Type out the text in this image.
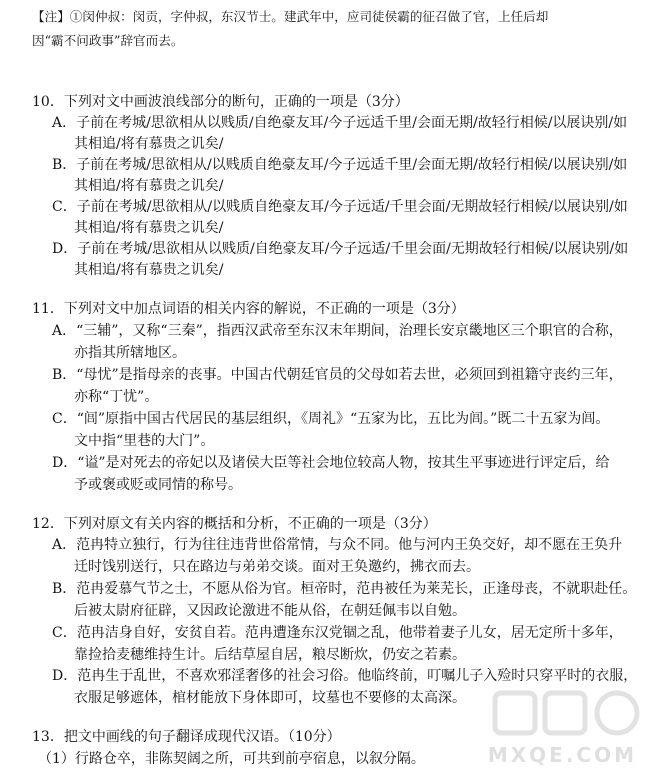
【注】①闵仲叔：闵贡，字仲叔，东汉节士。建武年中，应司徒侯霸的征召做了官，上任后却
因“霸不问政事”辞官而去。
10．下列对文中画波浪线部分的断句，正确的一项是（3分）
A．子前在考城/思欲相从以贱质/自绝豪友耳/今子远适千里/会面无期/故轻行相候/以展诀别/如
其相追/将有慕贵之讥矣/
B．子前在考城/思欲相从/以贱质自绝豪友耳/今子远适千里/会面无期/故轻行相候/以展诀别/如
其相追/将有慕贵之讥矣/
C．子前在考城/思欲相从/以贱质自绝豪友耳/今子远适/千里会面/无期故轻行相候/以展诀别/如
其相追/将有慕贵之讥矣/
D．子前在考城/思欲相从以贱质/自绝豪友耳/今子远适/千里会面/无期故轻行相候/以展诀别/如
其相追/将有慕贵之讥矣/
11．下列对文中加点词语的相关内容的解说，不正确的一项是（3分）
A．“三辅”，又称“三秦”，指西汉武帝至东汉末年期间，治理长安京畿地区三个职官的合称，
亦指其所辖地区。
B．“母忧”是指母亲的丧事。中国古代朝廷官员的父母如若去世，必须回到祖籍守丧约三年，
亦称“丁忧”。
C．“闾”原指中国古代居民的基层组织，《周礼》“五家为比，五比为闾。”既二十五家为闾。
文中指“里巷的大门”。
D．“谥”是对死去的帝妃以及诸侯大臣等社会地位较高人物，按其生平事迹进行评定后，给
予或褒或贬或同情的称号。
12．下列对原文有关内容的概括和分析，不正确的一项是（3分）
A．范冉特立独行，行为往往违背世俗常情，与众不同。他与河内王奂交好，却不愿在王奂升
迁时饯别送行，只在路边与弟弟交谈。面对王奂邀约，拂衣而去。
B．范冉爱慕气节之士，不愿从俗为官。桓帝时，范冉被任为莱芜长，正逢母丧，不就职赴任。
后被太尉府征辟，又因政论激进不能从俗，在朝廷佩韦以自勉。
C．范冉洁身自好，安贫自若。范冉遭逢东汉党锢之乱，他带着妻子儿女，居无定所十多年，
靠捡拾麦穗维持生计。后结草屋自居，粮尽断炊，仍安之若素。
D．范冉生于乱世，不喜欢邪淫奢侈的社会习俗。他临终前，叮嘱儿子入殓时只穿平时的衣服，
衣服足够遮体，棺材能放下身体即可，坟墓也不要修的太高深。
13．把文中画线的句子翻译成现代汉语。（10分）
（1）行路仓卒，非陈契阔之所，可共到前亭宿息，以叙分隔。	MXQE.COM
